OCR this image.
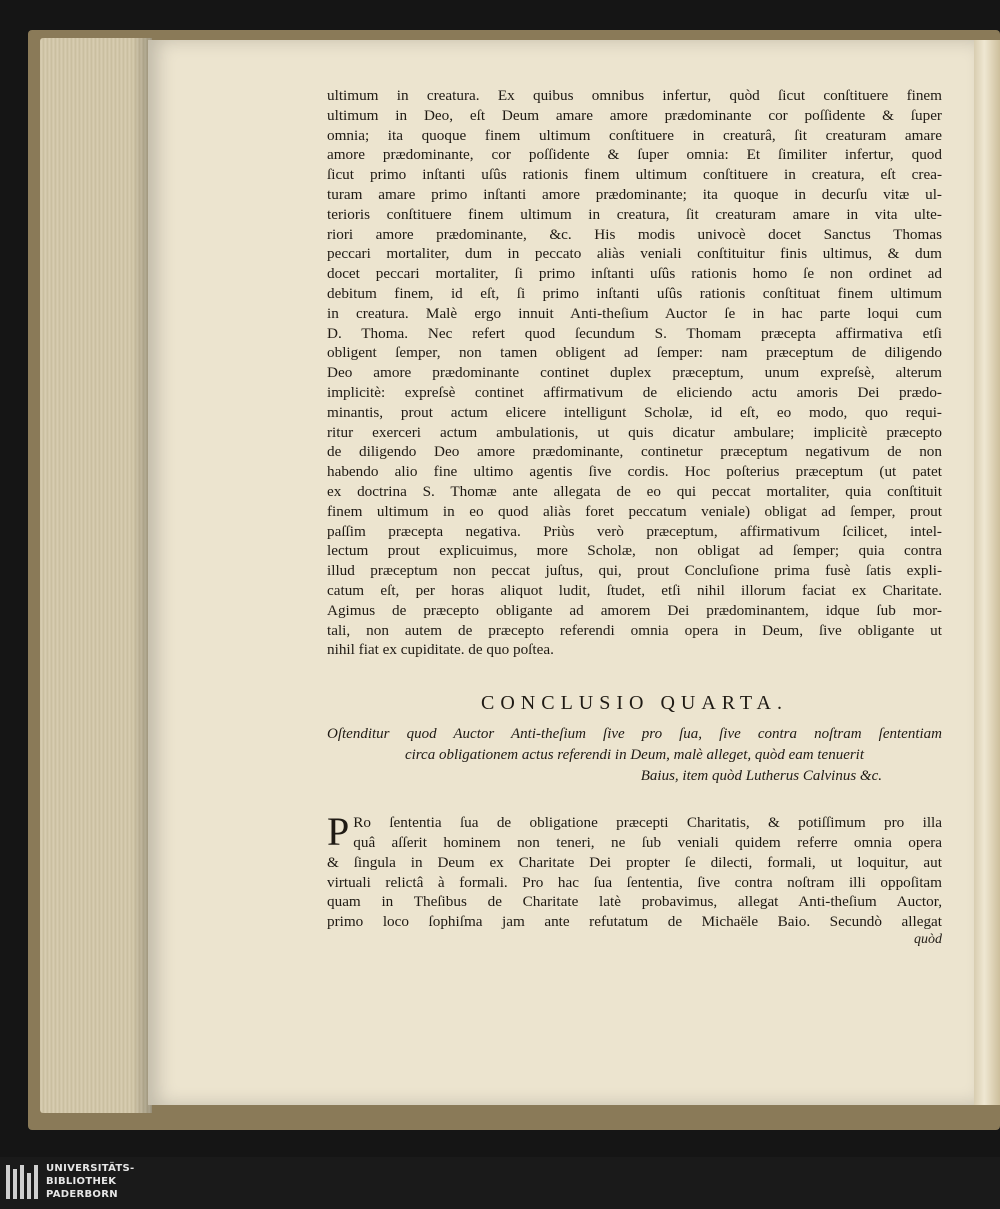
ultimum in creatura. Ex quibus omnibus infertur, quòd ſicut conſtituere finem
ultimum in Deo, eſt Deum amare amore prædominante cor poſſidente & ſuper
omnia; ita quoque finem ultimum conſtituere in creaturâ, ſit creaturam amare
amore prædominante, cor poſſidente & ſuper omnia: Et ſimiliter infertur, quod
ſicut primo inſtanti uſûs rationis finem ultimum conſtituere in creatura, eſt crea-
turam amare primo inſtanti amore prædominante; ita quoque in decurſu vitæ ul-
terioris conſtituere finem ultimum in creatura, ſit creaturam amare in vita ulte-
riori amore prædominante, &c. His modis univocè docet Sanctus Thomas
peccari mortaliter, dum in peccato aliàs veniali conſtituitur finis ultimus, & dum
docet peccari mortaliter, ſi primo inſtanti uſûs rationis homo ſe non ordinet ad
debitum finem, id eſt, ſi primo inſtanti uſûs rationis conſtituat finem ultimum
in creatura. Malè ergo innuit Anti-theſium Auctor ſe in hac parte loqui cum
D. Thoma. Nec refert quod ſecundum S. Thomam præcepta affirmativa etſi
obligent ſemper, non tamen obligent ad ſemper: nam præceptum de diligendo
Deo amore prædominante continet duplex præceptum, unum expreſsè, alterum
implicitè: expreſsè continet affirmativum de eliciendo actu amoris Dei prædo-
minantis, prout actum elicere intelligunt Scholæ, id eſt, eo modo, quo requi-
ritur exerceri actum ambulationis, ut quis dicatur ambulare; implicitè præcepto
de diligendo Deo amore prædominante, continetur præceptum negativum de non
habendo alio fine ultimo agentis ſive cordis. Hoc poſterius præceptum (ut patet
ex doctrina S. Thomæ ante allegata de eo qui peccat mortaliter, quia conſtituit
finem ultimum in eo quod aliàs foret peccatum veniale) obligat ad ſemper, prout
paſſim præcepta negativa. Priùs verò præceptum, affirmativum ſcilicet, intel-
lectum prout explicuimus, more Scholæ, non obligat ad ſemper; quia contra
illud præceptum non peccat juſtus, qui, prout Concluſione prima fusè ſatis expli-
catum eſt, per horas aliquot ludit, ſtudet, etſi nihil illorum faciat ex Charitate.
Agimus de præcepto obligante ad amorem Dei prædominantem, idque ſub mor-
tali, non autem de præcepto referendi omnia opera in Deum, ſive obligante ut
nihil fiat ex cupiditate. de quo poſtea.
CONCLUSIO QUARTA.
Oſtenditur quod Auctor Anti-theſium ſive pro ſua, ſive contra noſtram ſententiam
circa obligationem actus referendi in Deum, malè alleget, quòd eam tenuerit
Baius, item quòd Lutherus Calvinus &c.
P Ro ſententia ſua de obligatione præcepti Charitatis, & potiſſimum pro illa
quâ aſſerit hominem non teneri, ne ſub veniali quidem referre omnia opera
& ſingula in Deum ex Charitate Dei propter ſe dilecti, formali, ut loquitur, aut
virtuali relictâ à formali. Pro hac ſua ſententia, ſive contra noſtram illi oppoſitam
quam in Theſibus de Charitate latè probavimus, allegat Anti-theſium Auctor,
primo loco ſophiſma jam ante refutatum de Michaële Baio. Secundò allegat
quòd
UNIVERSITÄTS-
BIBLIOTHEK
PADERBORN
